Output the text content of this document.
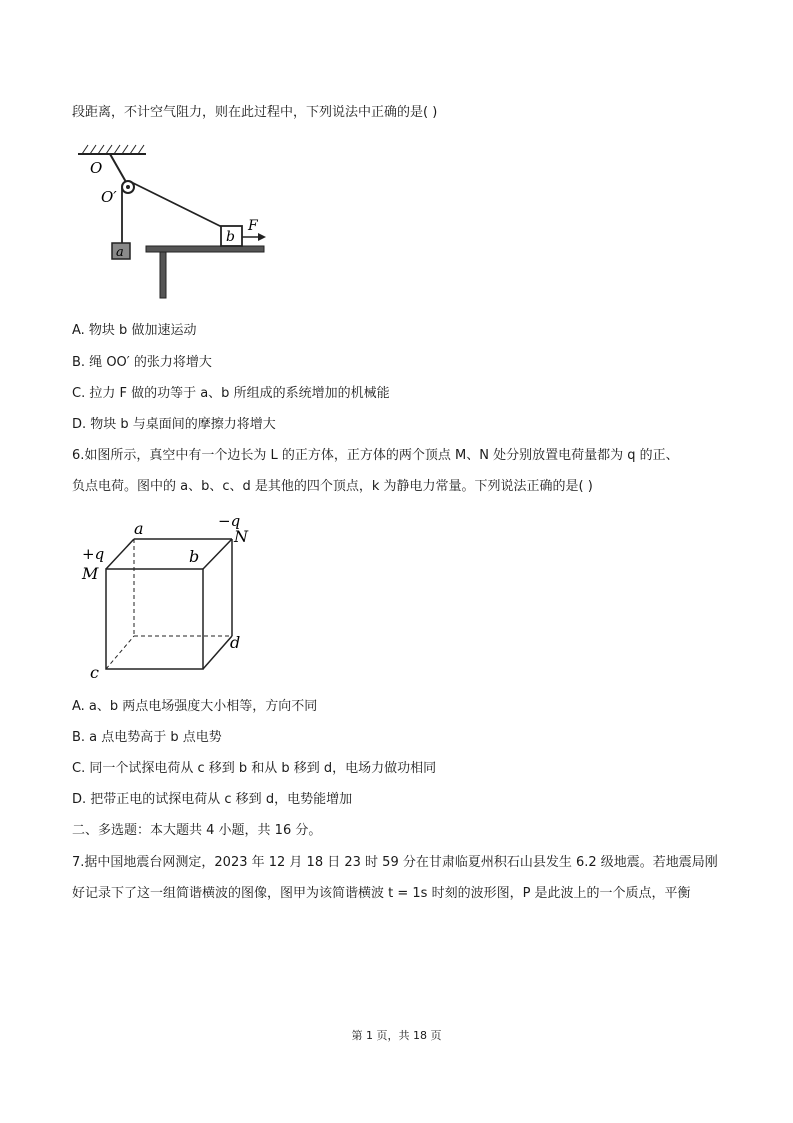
段距离，不计空气阻力，则在此过程中，下列说法中正确的是( )
O
O′
a
b
F
A. 物块 b 做加速运动
B. 绳 OO′ 的张力将增大
C. 拉力 F 做的功等于 a、b 所组成的系统增加的机械能
D. 物块 b 与桌面间的摩擦力将增大
6.如图所示，真空中有一个边长为 L 的正方体，正方体的两个顶点 M、N 处分别放置电荷量都为 q 的正、
负点电荷。图中的 a、b、c、d 是其他的四个顶点，k 为静电力常量。下列说法正确的是( )
a	−q
N
+q
M
b
c
d
A. a、b 两点电场强度大小相等，方向不同
B. a 点电势高于 b 点电势
C. 同一个试探电荷从 c 移到 b 和从 b 移到 d，电场力做功相同
D. 把带正电的试探电荷从 c 移到 d，电势能增加
二、多选题：本大题共 4 小题，共 16 分。
7.据中国地震台网测定，2023 年 12 月 18 日 23 时 59 分在甘肃临夏州积石山县发生 6.2 级地震。若地震局刚
好记录下了这一组简谐横波的图像，图甲为该简谐横波 t = 1s 时刻的波形图，P 是此波上的一个质点，平衡
第 1 页，共 18 页
